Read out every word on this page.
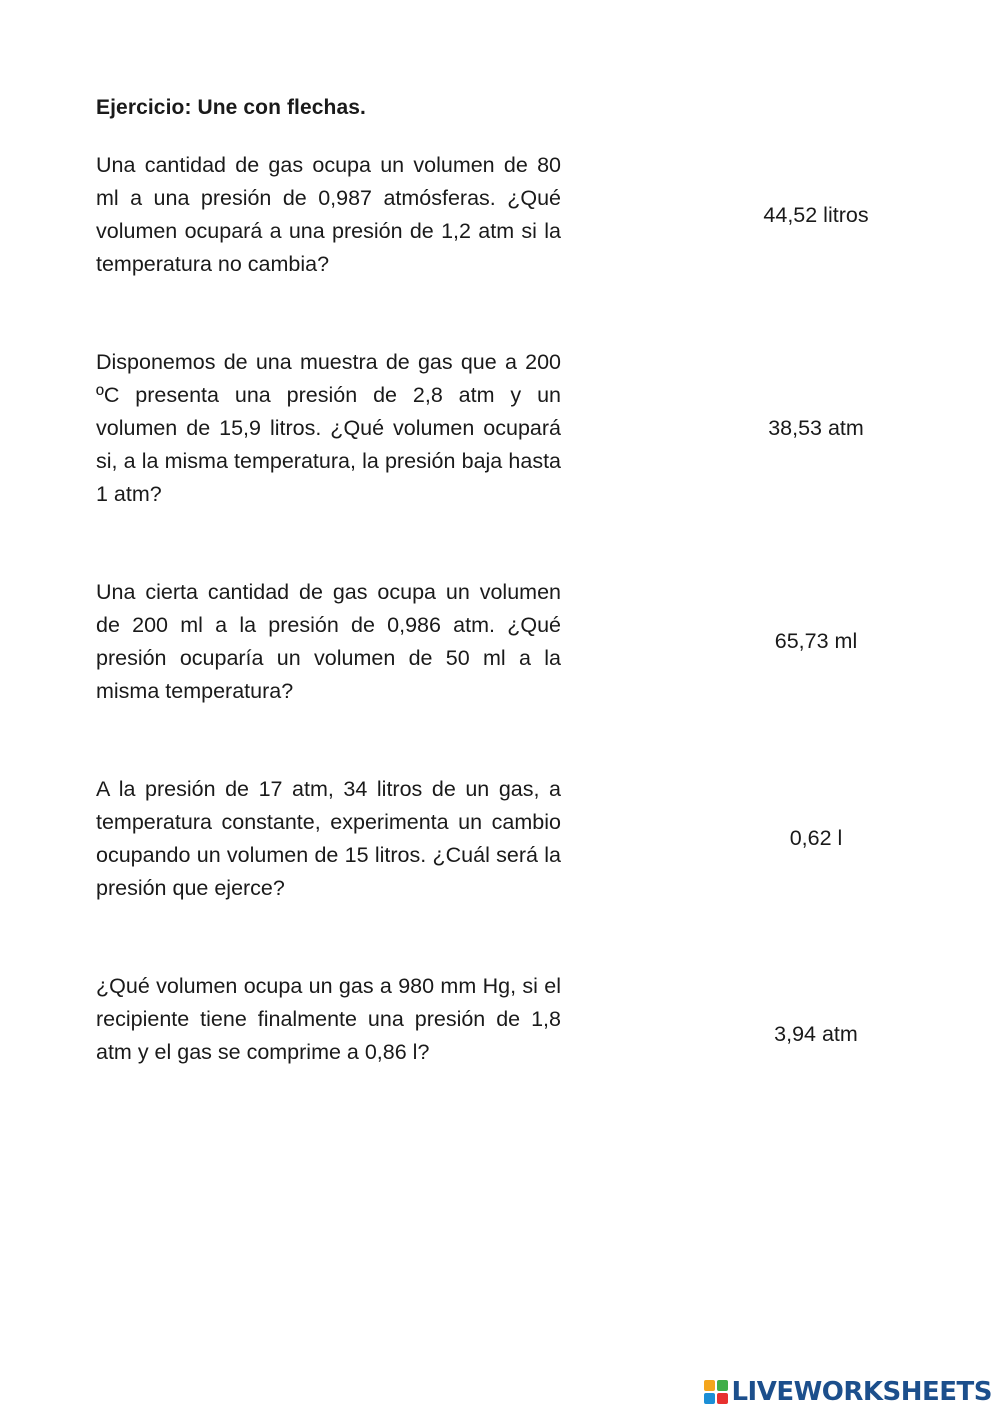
Ejercicio: Une con flechas.
Una cantidad de gas ocupa un volumen de 80 ml a una presión de 0,987 atmósferas. ¿Qué volumen ocupará a una presión de 1,2 atm si la temperatura no cambia?
44,52 litros
Disponemos de una muestra de gas que a 200 ºC presenta una presión de 2,8 atm y un volumen de 15,9 litros. ¿Qué volumen ocupará si, a la misma temperatura, la presión baja hasta 1 atm?
38,53 atm
Una cierta cantidad de gas ocupa un volumen de 200 ml a la presión de 0,986 atm. ¿Qué presión ocuparía un volumen de 50 ml a la misma temperatura?
65,73 ml
A la presión de 17 atm, 34 litros de un gas, a temperatura constante, experimenta un cambio ocupando un volumen de 15 litros. ¿Cuál será la presión que ejerce?
0,62 l
¿Qué volumen ocupa un gas a 980 mm Hg, si el recipiente tiene finalmente una presión de 1,8 atm y el gas se comprime a 0,86 l?
3,94 atm
LIVEWORKSHEETS
